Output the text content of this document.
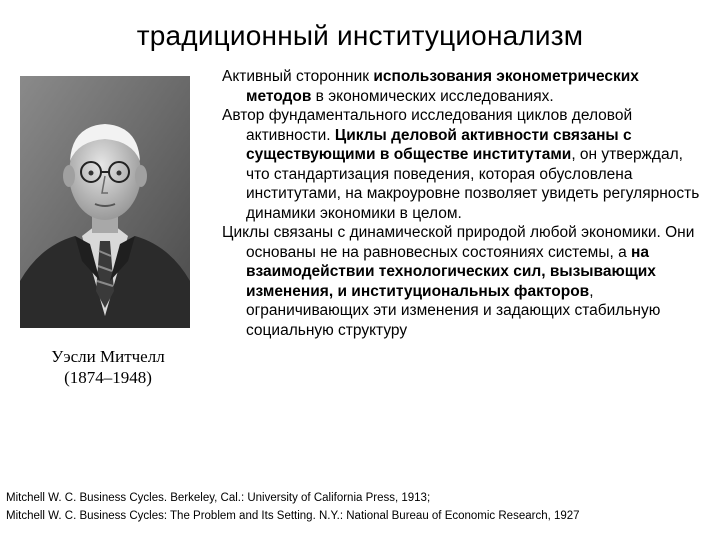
традиционный институционализм
Уэсли Митчелл
(1874–1948)

Активный сторонник использования эконометрических методов в экономических исследованиях.

Автор фундаментального исследования циклов деловой активности. Циклы деловой активности связаны с существующими в обществе институтами, он утверждал, что стандартизация поведения, которая обусловлена институтами, на макроуровне позволяет увидеть регулярность динамики экономики в целом.

Циклы связаны с динамической природой любой экономики. Они основаны не на равновесных состояниях системы, а на взаимодействии технологических сил, вызывающих изменения, и институциональных факторов, ограничивающих эти изменения и задающих стабильную социальную структуру

Mitchell W. C. Business Cycles. Berkeley, Cal.: University of California Press, 1913;
Mitchell W. C. Business Cycles: The Problem and Its Setting. N.Y.: National Bureau of Economic Research, 1927
